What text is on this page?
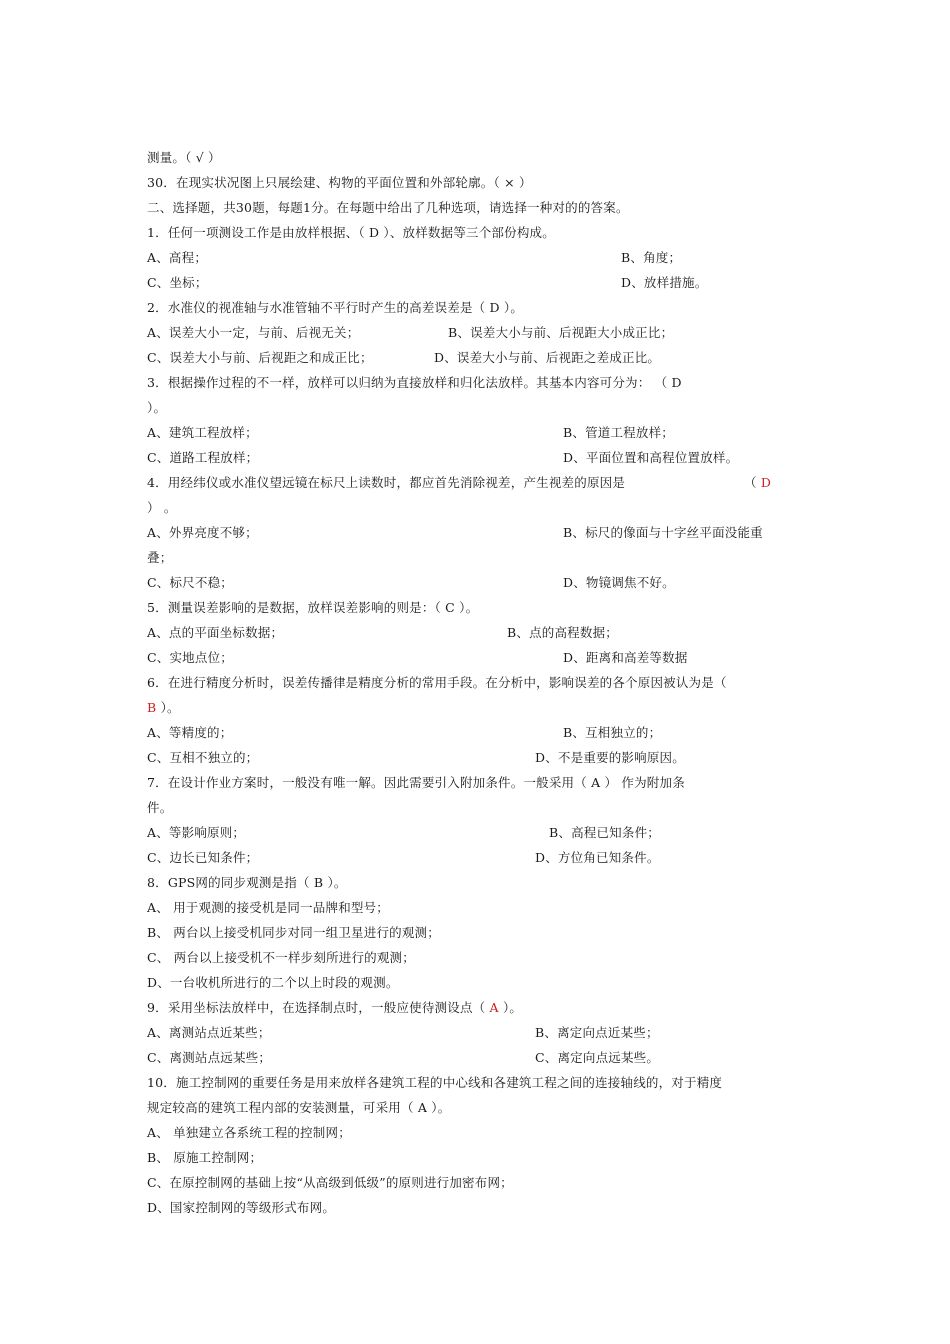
测量。（ √ ）
30．在现实状况图上只展绘建、构物的平面位置和外部轮廓。（ × ）
二、选择题，共30题，每题1分。在每题中给出了几种选项，请选择一种对的的答案。
1．任何一项测设工作是由放样根据、（ D ）、放样数据等三个部份构成。
A、高程；	B、角度；
C、坐标；	D、放样措施。
2．水准仪的视准轴与水准管轴不平行时产生的高差误差是（ D ）。
A、误差大小一定，与前、后视无关；	B、误差大小与前、后视距大小成正比；
C、误差大小与前、后视距之和成正比；	D、误差大小与前、后视距之差成正比。
3．根据操作过程的不一样，放样可以归纳为直接放样和归化法放样。其基本内容可分为： （ D
）。
A、建筑工程放样；	B、管道工程放样；
C、道路工程放样；	D、平面位置和高程位置放样。
4．用经纬仪或水准仪望远镜在标尺上读数时，都应首先消除视差，产生视差的原因是	（ D
） 。
A、外界亮度不够；	B、标尺的像面与十字丝平面没能重
叠；
C、标尺不稳；	D、物镜调焦不好。
5．测量误差影响的是数据，放样误差影响的则是：（ C ）。
A、点的平面坐标数据；	B、点的高程数据；
C、实地点位；	D、距离和高差等数据
6．在进行精度分析时，误差传播律是精度分析的常用手段。在分析中，影响误差的各个原因被认为是（
B ）。
A、等精度的；	B、互相独立的；
C、互相不独立的；	D、不是重要的影响原因。
7．在设计作业方案时，一般没有唯一解。因此需要引入附加条件。一般采用（ A ） 作为附加条
件。
A、等影响原则；	B、高程已知条件；
C、边长已知条件；	D、方位角已知条件。
8．GPS网的同步观测是指（ B ）。
A、 用于观测的接受机是同一品牌和型号；
B、 两台以上接受机同步对同一组卫星进行的观测；
C、 两台以上接受机不一样步刻所进行的观测；
D、一台收机所进行的二个以上时段的观测。
9．采用坐标法放样中，在选择制点时，一般应使待测设点（ A ）。
A、离测站点近某些；	B、离定向点近某些；
C、离测站点远某些；	C、离定向点远某些。
10．施工控制网的重要任务是用来放样各建筑工程的中心线和各建筑工程之间的连接轴线的，对于精度
规定较高的建筑工程内部的安装测量，可采用（ A ）。
A、 单独建立各系统工程的控制网；
B、 原施工控制网；
C、在原控制网的基础上按“从高级到低级”的原则进行加密布网；
D、国家控制网的等级形式布网。
